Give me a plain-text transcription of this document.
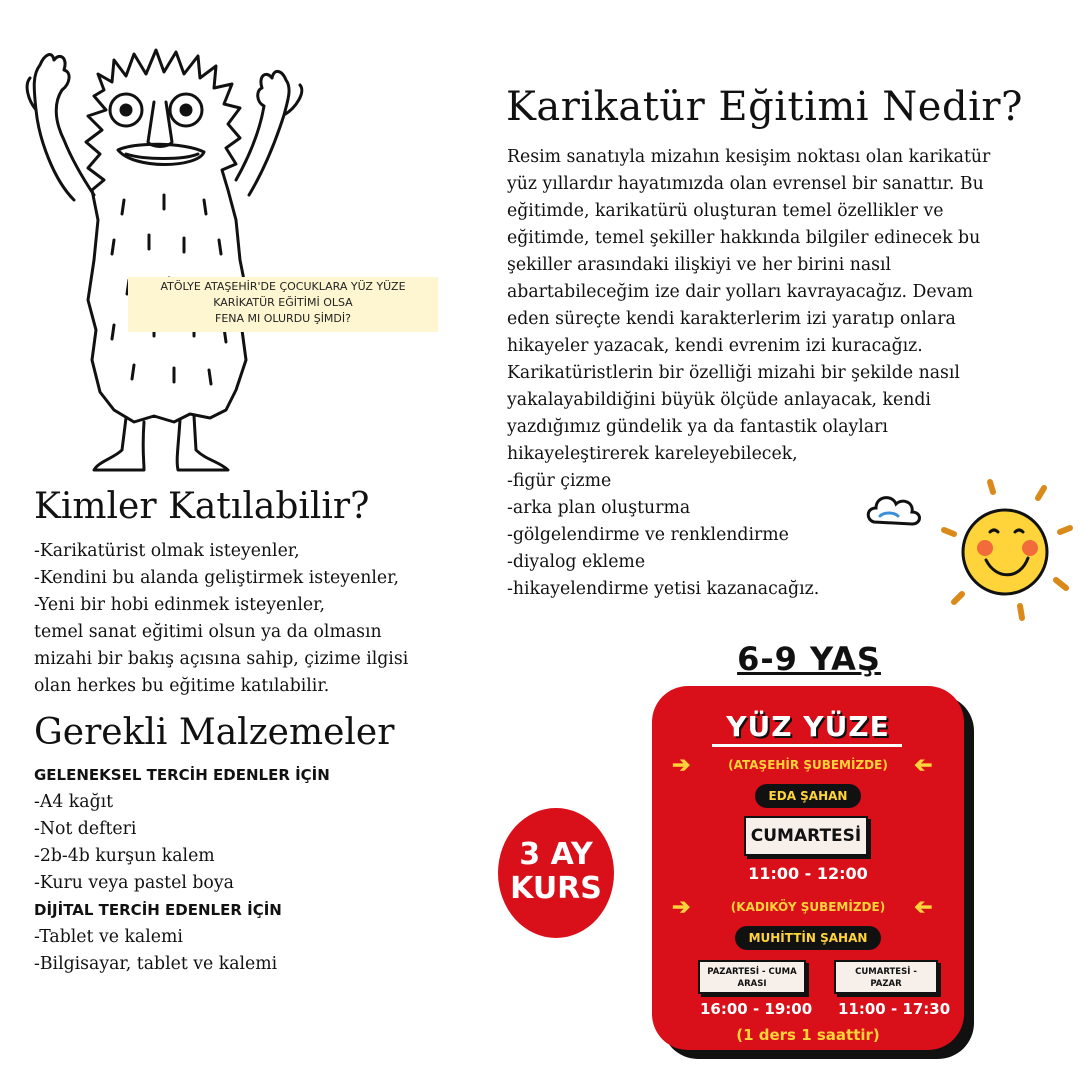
ATÖLYE ATAŞEHİR'DE ÇOCUKLARA YÜZ YÜZE
KARİKATÜR EĞİTİMİ OLSA
FENA MI OLURDU ŞİMDİ?
Karikatür Eğitimi Nedir?

Resim sanatıyla mizahın kesişim noktası olan karikatür

yüz yıllardır hayatımızda olan evrensel bir sanattır. Bu

eğitimde, karikatürü oluşturan temel özellikler ve

eğitimde, temel şekiller hakkında bilgiler edinecek bu

şekiller arasındaki ilişkiyi ve her birini nasıl

abartabileceğim ize dair yolları kavrayacağız. Devam

eden süreçte kendi karakterlerim izi yaratıp onlara

hikayeler yazacak, kendi evrenim izi kuracağız.

Karikatüristlerin bir özelliği mizahi bir şekilde nasıl

yakalayabildiğini büyük ölçüde anlayacak, kendi

yazdığımız gündelik ya da fantastik olayları

hikayeleştirerek kareleyebilecek,

-figür çizme

-arka plan oluşturma

-gölgelendirme ve renklendirme

-diyalog ekleme

-hikayelendirme yetisi kazanacağız.

Kimler Katılabilir?
-Karikatürist olmak isteyenler,
-Kendini bu alanda geliştirmek isteyenler,
-Yeni bir hobi edinmek isteyenler,
temel sanat eğitimi olsun ya da olmasın
mizahi bir bakış açısına sahip, çizime ilgisi
olan herkes bu eğitime katılabilir.
Gerekli Malzemeler
GELENEKSEL TERCİH EDENLER İÇİN
-A4 kağıt
-Not defteri
-2b-4b kurşun kalem
-Kuru veya pastel boya
DİJİTAL TERCİH EDENLER İÇİN
-Tablet ve kalemi
-Bilgisayar, tablet ve kalemi
6-9 YAŞ
YÜZ YÜZE
➔	(ATAŞEHİR ŞUBEMİZDE)	➔
EDA ŞAHAN
CUMARTESİ
11:00 - 12:00
➔	(KADIKÖY ŞUBEMİZDE)	➔
MUHİTTİN ŞAHAN
PAZARTESİ - CUMA
ARASI
CUMARTESİ -
PAZAR
16:00 - 19:00 11:00 - 17:30
(1 ders 1 saattir)
3 AY
KURS
